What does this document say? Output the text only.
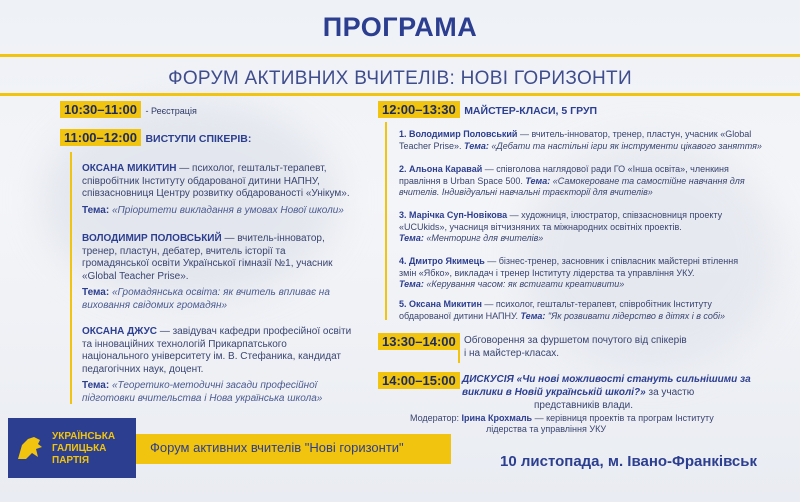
ПРОГРАМА
ФОРУМ АКТИВНИХ ВЧИТЕЛІВ: НОВІ ГОРИЗОНТИ
10:30–11:00 - Реєстрація
11:00–12:00 ВИСТУПИ СПІКЕРІВ:
ОКСАНА МИКИТИН — психолог, гештальт-терапевт,
співробітник Інституту обдарованої дитини НАПНУ,
співзасновниця Центру розвитку обдарованості «Унікум».
Тема: «Пріоритети викладання в умовах Нової школи»
ВОЛОДИМИР ПОЛОВСЬКИЙ — вчитель-інноватор,
тренер, пластун, дебатер, вчитель історії та
громадянської освіти Української гімназії №1, учасник
«Global Teacher Prise».
Тема: «Громадянська освіта: як вчитель впливає на
виховання свідомих громадян»
ОКСАНА ДЖУС — завідувач кафедри професійної освіти
та інноваційних технологій Прикарпатського
національного університету ім. В. Стефаника, кандидат
педагогічних наук, доцент.
Тема: «Теоретико-методичні засади професійної
підготовки вчительства і Нова українська школа»
12:00–13:30 МАЙСТЕР-КЛАСИ, 5 ГРУП
1. Володимир Половський — вчитель-інноватор, тренер, пластун, учасник «Global
Teacher Prise». Тема: «Дебати та настільні ігри як інструменти цікавого заняття»
2. Альона Каравай — співголова наглядової ради ГО «Інша освіта», членкиня
правління в Urban Space 500. Тема: «Самокероване та самостійне навчання для
вчителів. Індивідуальні навчальні траєкторії для вчителів»
3. Марічка Суп-Новікова — художниця, ілюстратор, співзасновниця проекту
«UCUkids», учасниця вітчизняних та міжнародних освітніх проектів.
Тема: «Менторинг для вчителів»
4. Дмитро Якимець — бізнес-тренер, засновник і співласник майстерні втілення
змін «Ябко», викладач і тренер Інституту лідерства та управління УКУ.
Тема: «Керування часом: як встигати креативити»
5. Оксана Микитин — психолог, гештальт-терапевт, співробітник Інституту
обдарованої дитини НАПНУ. Тема: "Як розвивати лідерство в дітях і в собі»
13:30–14:00 Обговорення за фуршетом почутого від спікерів
і на майстер-класах.
14:00–15:00 ДИСКУСІЯ «Чи нові можливості стануть сильнішими за
виклики в Новій українській школі?» за участю
представників влади.
Модератор: Ірина Крохмаль — керівниця проектів та програм Інституту
лідерства та управління УКУ
УКРАЇНСЬКА
ГАЛИЦЬКА
ПАРТІЯ
Форум активних вчителів "Нові горизонти"
10 листопада, м. Івано-Франківськ
